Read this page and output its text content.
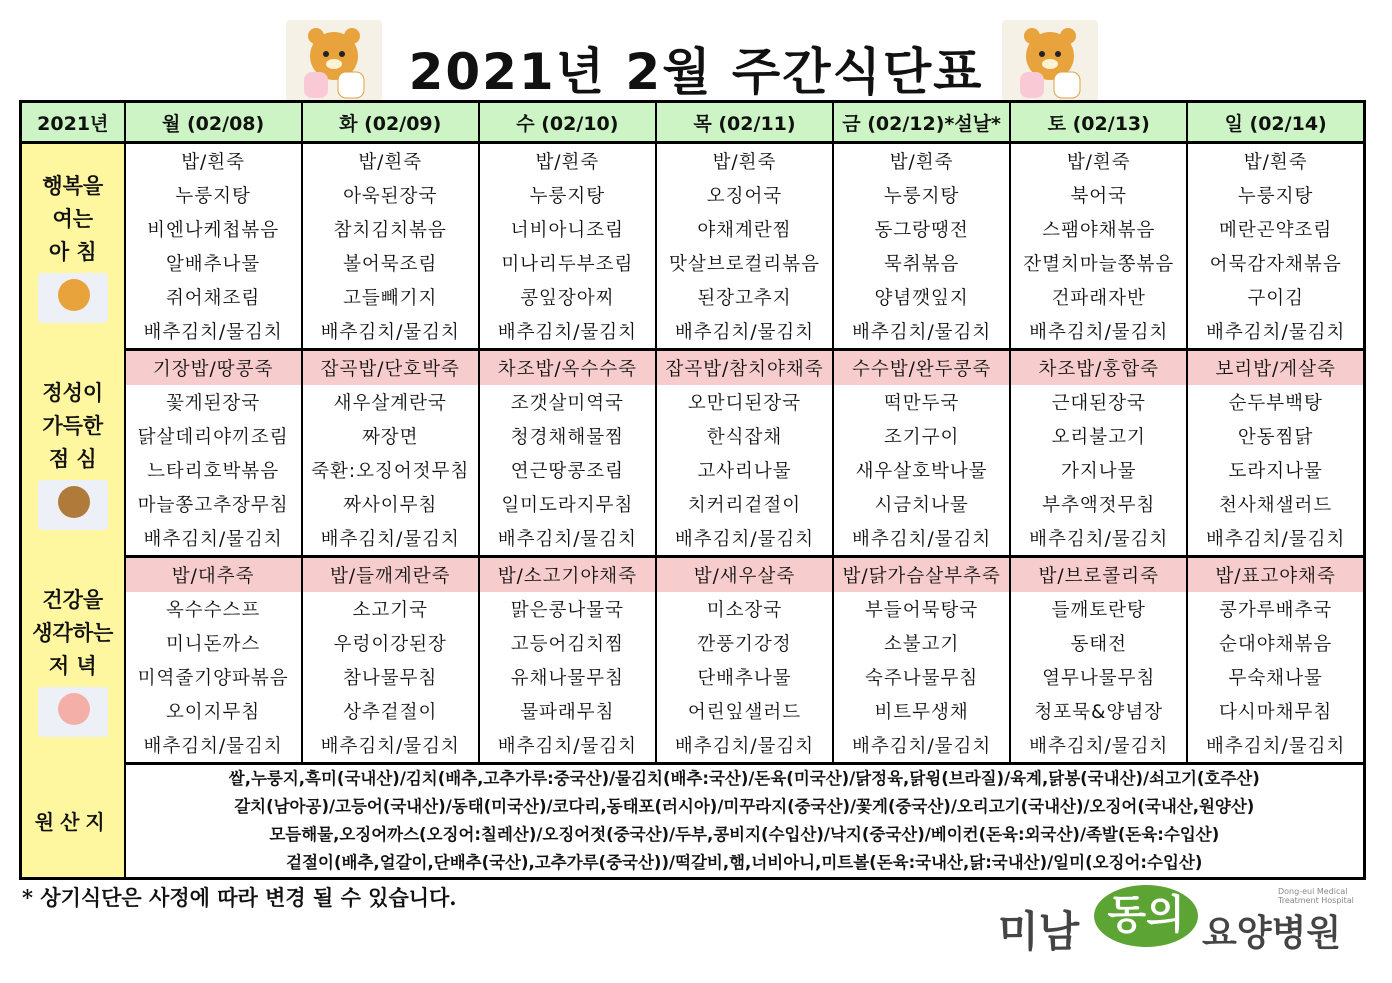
2021년 2월 주간식단표
2021년	월 (02/08)	화 (02/09)	수 (02/10)	목 (02/11)	금 (02/12)*설날*	토 (02/13)	일 (02/14)

행복을
여는
아 침	밥/흰죽	밥/흰죽	밥/흰죽	밥/흰죽	밥/흰죽	밥/흰죽	밥/흰죽
	누룽지탕	아욱된장국	누룽지탕	오징어국	누룽지탕	북어국	누룽지탕
	비엔나케첩볶음	참치김치볶음	너비아니조림	야채계란찜	동그랑땡전	스팸야채볶음	메란곤약조림
	알배추나물	볼어묵조림	미나리두부조림	맛살브로컬리볶음	묵취볶음	잔멸치마늘쫑볶음	어묵감자채볶음
	쥐어채조림	고들빼기지	콩잎장아찌	된장고추지	양념깻잎지	건파래자반	구이김
	배추김치/물김치	배추김치/물김치	배추김치/물김치	배추김치/물김치	배추김치/물김치	배추김치/물김치	배추김치/물김치

정성이
가득한
점 심	기장밥/땅콩죽	잡곡밥/단호박죽	차조밥/옥수수죽	잡곡밥/참치야채죽	수수밥/완두콩죽	차조밥/홍합죽	보리밥/게살죽
	꽃게된장국	새우살계란국	조갯살미역국	오만디된장국	떡만두국	근대된장국	순두부백탕
	닭살데리야끼조림	짜장면	청경채해물찜	한식잡채	조기구이	오리불고기	안동찜닭
	느타리호박볶음	죽환:오징어젓무침	연근땅콩조림	고사리나물	새우살호박나물	가지나물	도라지나물
	마늘쫑고추장무침	짜사이무침	일미도라지무침	치커리겉절이	시금치나물	부추액젓무침	천사채샐러드
	배추김치/물김치	배추김치/물김치	배추김치/물김치	배추김치/물김치	배추김치/물김치	배추김치/물김치	배추김치/물김치

건강을
생각하는
저 녁	밥/대추죽	밥/들깨계란죽	밥/소고기야채죽	밥/새우살죽	밥/닭가슴살부추죽	밥/브로콜리죽	밥/표고야채죽
	옥수수스프	소고기국	맑은콩나물국	미소장국	부들어묵탕국	들깨토란탕	콩가루배추국
	미니돈까스	우렁이강된장	고등어김치찜	깐풍기강정	소불고기	동태전	순대야채볶음
	미역줄기양파볶음	참나물무침	유채나물무침	단배추나물	숙주나물무침	열무나물무침	무숙채나물
	오이지무침	상추겉절이	물파래무침	어린잎샐러드	비트무생채	청포묵&양념장	다시마채무침
	배추김치/물김치	배추김치/물김치	배추김치/물김치	배추김치/물김치	배추김치/물김치	배추김치/물김치	배추김치/물김치
원산지	쌀,누룽지,흑미(국내산)/김치(배추,고추가루:중국산)/물김치(배추:국산)/돈육(미국산)/닭정육,닭윙(브라질)/육계,닭봉(국내산)/쇠고기(호주산)
갈치(남아공)/고등어(국내산)/동태(미국산)/코다리,동태포(러시아)/미꾸라지(중국산)/꽃게(중국산)/오리고기(국내산)/오징어(국내산,원양산)
모듬해물,오징어까스(오징어:칠레산)/오징어젓(중국산)/두부,콩비지(수입산)/낙지(중국산)/베이컨(돈육:외국산)/족발(돈육:수입산)
겉절이(배추,얼갈이,단배추(국산),고추가루(중국산))/떡갈비,햄,너비아니,미트볼(돈육:국내산,닭:국내산)/일미(오징어:수입산)						
* 상기식단은 사정에 따라 변경 될 수 있습니다.
미남 동의 요양병원
Dong-eui Medical Treatment Hospital
